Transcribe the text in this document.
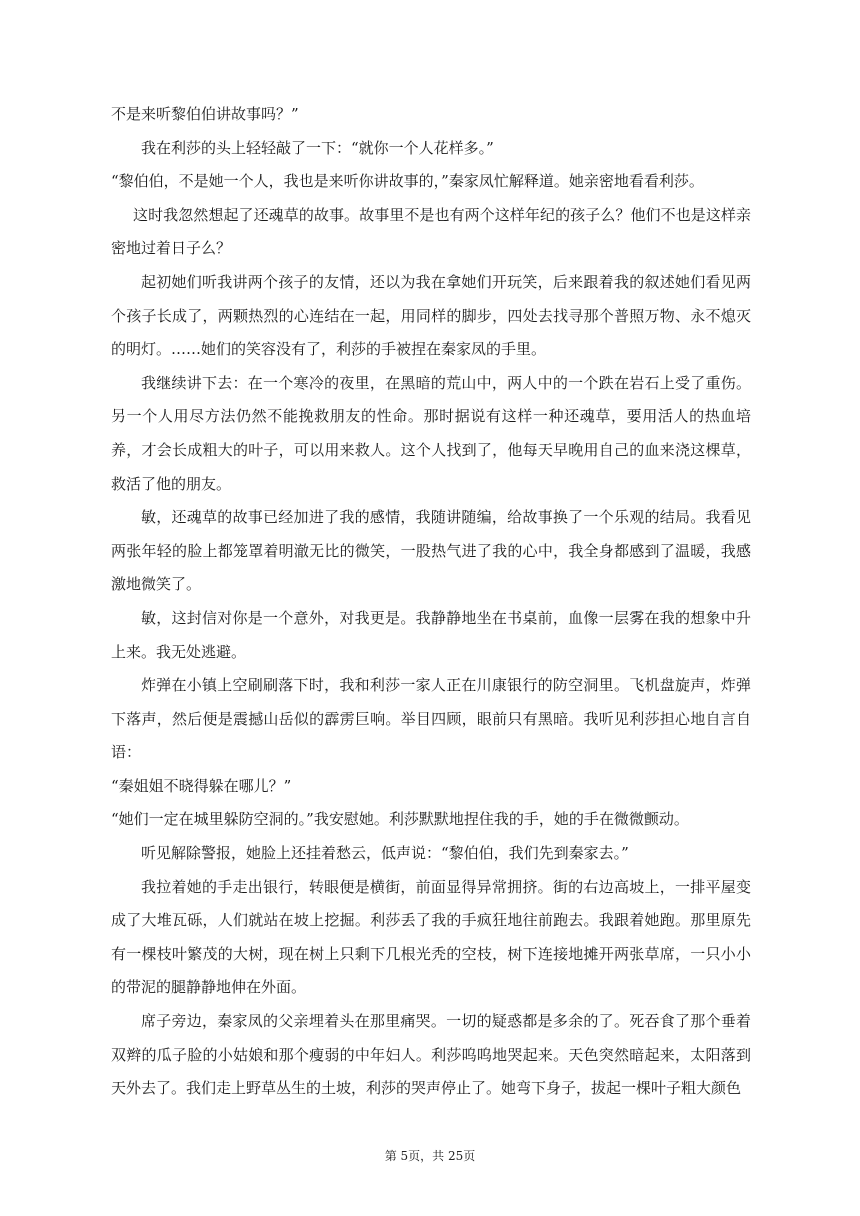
不是来听黎伯伯讲故事吗？”

我在利莎的头上轻轻敲了一下：“就你一个人花样多。”

“黎伯伯，不是她一个人，我也是来听你讲故事的，”秦家凤忙解释道。她亲密地看看利莎。

这时我忽然想起了还魂草的故事。故事里不是也有两个这样年纪的孩子么？他们不也是这样亲密地过着日子么？

起初她们听我讲两个孩子的友情，还以为我在拿她们开玩笑，后来跟着我的叙述她们看见两个孩子长成了，两颗热烈的心连结在一起，用同样的脚步，四处去找寻那个普照万物、永不熄灭的明灯。……她们的笑容没有了，利莎的手被捏在秦家凤的手里。

我继续讲下去：在一个寒冷的夜里，在黑暗的荒山中，两人中的一个跌在岩石上受了重伤。另一个人用尽方法仍然不能挽救朋友的性命。那时据说有这样一种还魂草，要用活人的热血培养，才会长成粗大的叶子，可以用来救人。这个人找到了，他每天早晚用自己的血来浇这棵草，救活了他的朋友。

敏，还魂草的故事已经加进了我的感情，我随讲随编，给故事换了一个乐观的结局。我看见两张年轻的脸上都笼罩着明澈无比的微笑，一股热气进了我的心中，我全身都感到了温暖，我感激地微笑了。

敏，这封信对你是一个意外，对我更是。我静静地坐在书桌前，血像一层雾在我的想象中升上来。我无处逃避。

炸弹在小镇上空刷刷落下时，我和利莎一家人正在川康银行的防空洞里。飞机盘旋声，炸弹下落声，然后便是震撼山岳似的霹雳巨响。举目四顾，眼前只有黑暗。我听见利莎担心地自言自语：

“秦姐姐不晓得躲在哪儿？”

“她们一定在城里躲防空洞的。”我安慰她。利莎默默地捏住我的手，她的手在微微颤动。

听见解除警报，她脸上还挂着愁云，低声说：“黎伯伯，我们先到秦家去。”

我拉着她的手走出银行，转眼便是横街，前面显得异常拥挤。街的右边高坡上，一排平屋变成了大堆瓦砾，人们就站在坡上挖掘。利莎丢了我的手疯狂地往前跑去。我跟着她跑。那里原先有一棵枝叶繁茂的大树，现在树上只剩下几根光秃的空枝，树下连接地摊开两张草席，一只小小的带泥的腿静静地伸在外面。

席子旁边，秦家凤的父亲埋着头在那里痛哭。一切的疑惑都是多余的了。死吞食了那个垂着双辫的瓜子脸的小姑娘和那个瘦弱的中年妇人。利莎呜呜地哭起来。天色突然暗起来，太阳落到天外去了。我们走上野草丛生的土坡，利莎的哭声停止了。她弯下身子，拔起一棵叶子粗大颜色

第 5页，共 25页
